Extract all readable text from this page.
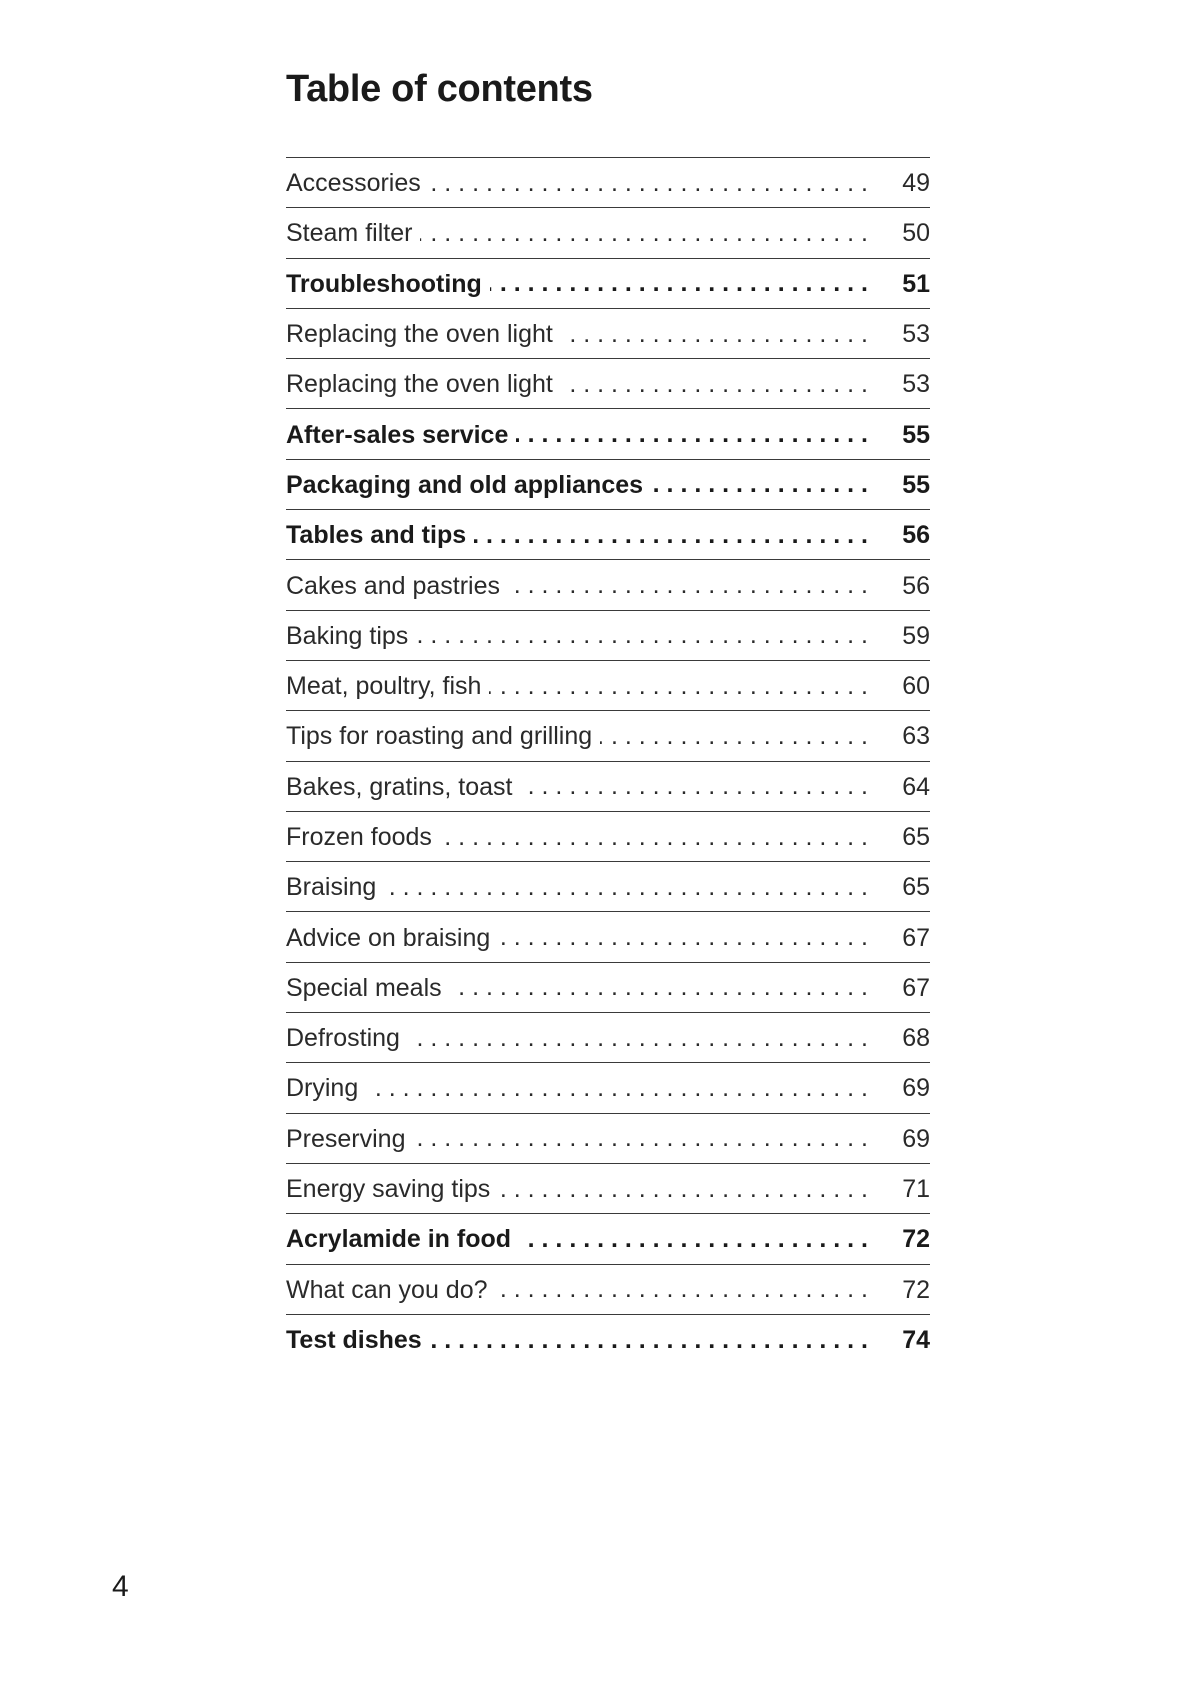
Table of contents
Accessories . . .	49
Steam filter . . .	50
Troubleshooting . . .	51
Replacing the oven light . . .	53
Replacing the oven light . . .	53
After-sales service . . .	55
Packaging and old appliances . . .	55
Tables and tips . . .	56
Cakes and pastries . . .	56
Baking tips . . .	59
Meat, poultry, fish . . .	60
Tips for roasting and grilling . . .	63
Bakes, gratins, toast . . .	64
Frozen foods . . .	65
Braising . . .	65
Advice on braising . . .	67
Special meals . . .	67
Defrosting . . .	68
Drying . . .	69
Preserving . . .	69
Energy saving tips . . .	71
Acrylamide in food . . .	72
What can you do? . . .	72
Test dishes . . .	74
4
